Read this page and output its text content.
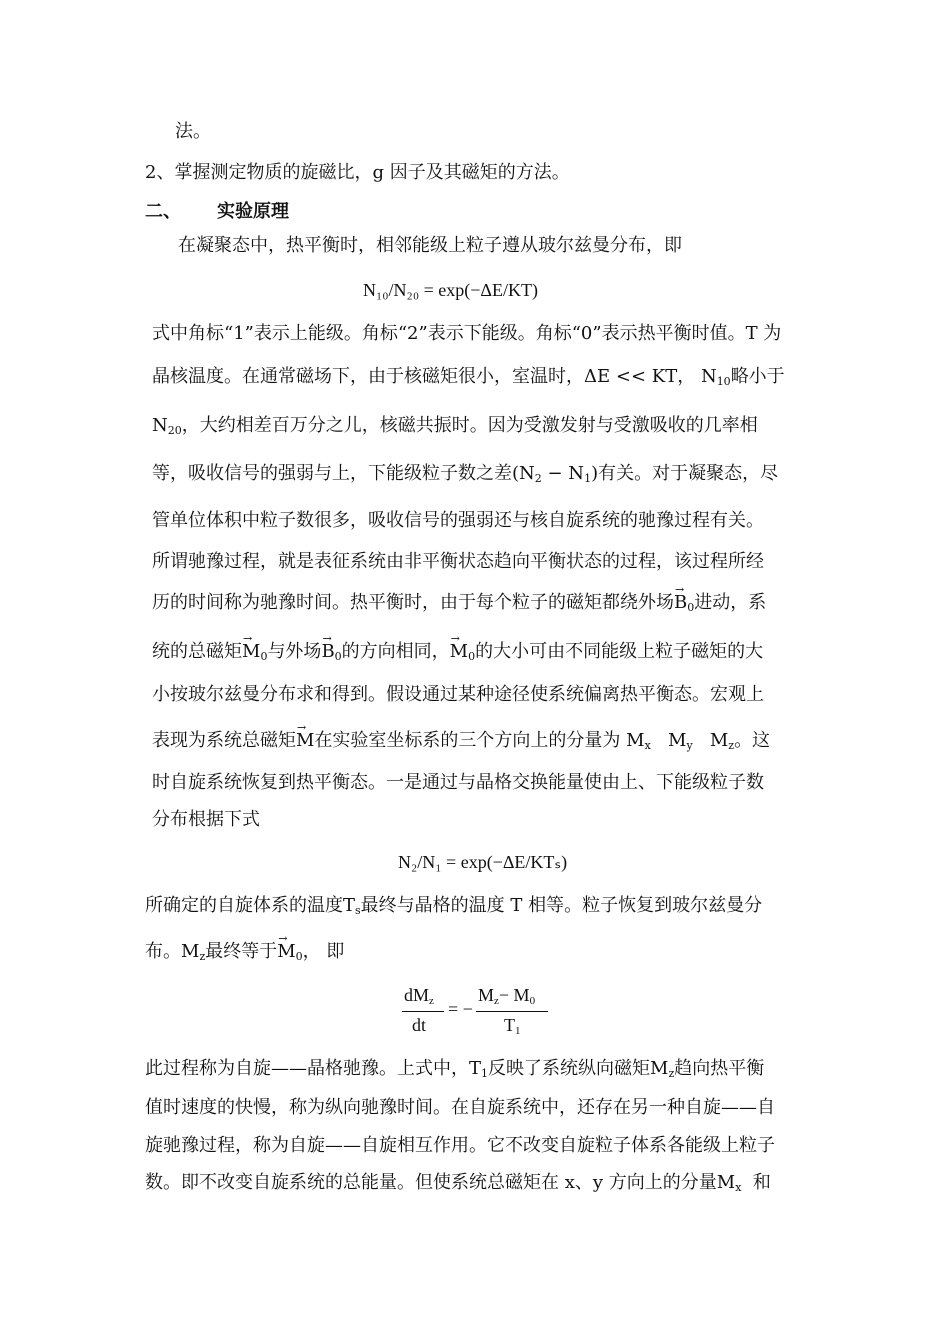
法。
2、掌握测定物质的旋磁比，g 因子及其磁矩的方法。
二、 实验原理
在凝聚态中，热平衡时，相邻能级上粒子遵从玻尔兹曼分布，即
N₁₀/N₂₀ = exp(−ΔE/KT)
式中角标“1”表示上能级。角标“2”表示下能级。角标“0”表示热平衡时值。T 为
晶核温度。在通常磁场下，由于核磁矩很小，室温时，ΔE << KT， $N_{10}$略小于
$N_{20}$，大约相差百万分之儿，核磁共振时。因为受激发射与受激吸收的几率相
等，吸收信号的强弱与上，下能级粒子数之差$(N_2 - N_1)$有关。对于凝聚态，尽
管单位体积中粒子数很多，吸收信号的强弱还与核自旋系统的驰豫过程有关。
所谓驰豫过程，就是表征系统由非平衡状态趋向平衡状态的过程，该过程所经
历的时间称为驰豫时间。热平衡时，由于每个粒子的磁矩都绕外场→ $B_0$进动，系
统的总磁矩→ $M_0$与外场→ $B_0$的方向相同，→ $M_0$的大小可由不同能级上粒子磁矩的大
小按玻尔兹曼分布求和得到。假设通过某种途径使系统偏离热平衡态。宏观上
表现为系统总磁矩→ M在实验室坐标系的三个方向上的分量为 $M_x$ $M_y$ $M_z$。这
时自旋系统恢复到热平衡态。一是通过与晶格交换能量使由上、下能级粒子数
分布根据下式
N₂/N₁ = exp(−ΔE/KTₛ)
所确定的自旋体系的温度$T_s$最终与晶格的温度 T 相等。粒子恢复到玻尔兹曼分
布。$M_z$最终等于→ $M_0$， 即
$dM_z$
dt
= −
$M_z- M_0$
$T_1$
此过程称为自旋——晶格驰豫。上式中，$T_1$反映了系统纵向磁矩$M_z$趋向热平衡
值时速度的快慢，称为纵向驰豫时间。在自旋系统中，还存在另一种自旋——自
旋驰豫过程，称为自旋——自旋相互作用。它不改变自旋粒子体系各能级上粒子
数。即不改变自旋系统的总能量。但使系统总磁矩在 x、y 方向上的分量$M_x$ 和
